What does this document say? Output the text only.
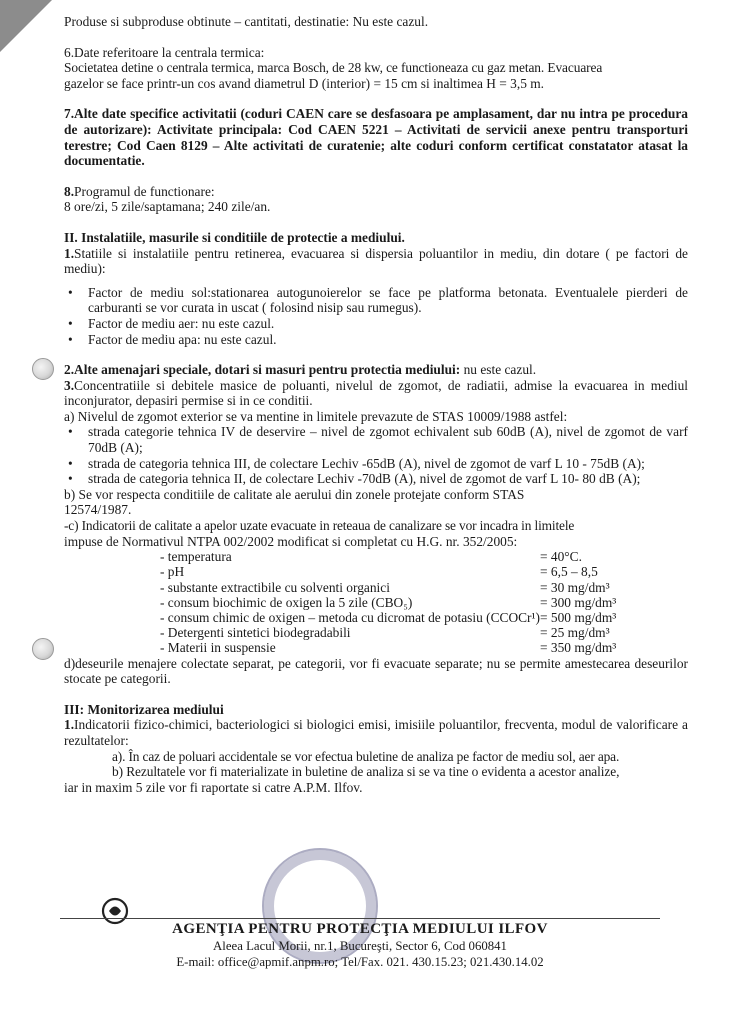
Produse si subproduse obtinute – cantitati, destinatie: Nu este cazul.
6.Date referitoare la centrala termica:
Societatea detine o centrala termica, marca Bosch, de 28 kw, ce functioneaza cu gaz metan. Evacuarea
gazelor se face printr-un cos avand diametrul D (interior) = 15 cm si inaltimea H = 3,5 m.

7.Alte date specifice activitatii (coduri CAEN care se desfasoara pe amplasament, dar nu intra pe procedura de autorizare): Activitate principala: Cod CAEN 5221 – Activitati de servicii anexe pentru transporturi terestre; Cod Caen 8129 – Alte activitati de curatenie; alte coduri conform certificat constatator atasat la documentatie.

8.Programul de functionare:
8 ore/zi, 5 zile/saptamana; 240 zile/an.
II. Instalatiile, masurile si conditiile de protectie a mediului.

1.Statiile si instalatiile pentru retinerea, evacuarea si dispersia poluantilor in mediu, din dotare ( pe factori de mediu):

• Factor de mediu sol:stationarea autogunoierelor se face pe platforma betonata. Eventualele pierderi de carburanti se vor curata in uscat ( folosind nisip sau rumegus).
• Factor de mediu aer: nu este cazul.
• Factor de mediu apa: nu este cazul.

2.Alte amenajari speciale, dotari si masuri pentru protectia mediului: nu este cazul.

3.Concentratiile si debitele masice de poluanti, nivelul de zgomot, de radiatii, admise la evacuarea in mediul inconjurator, depasiri permise si in ce conditii.

a) Nivelul de zgomot exterior se va mentine in limitele prevazute de STAS 10009/1988 astfel:
• strada categorie tehnica IV de deservire – nivel de zgomot echivalent sub 60dB (A), nivel de zgomot de varf 70dB (A);
• strada de categoria tehnica III, de colectare Lechiv -65dB (A), nivel de zgomot de varf L 10 - 75dB (A);
• strada de categoria tehnica II, de colectare Lechiv -70dB (A), nivel de zgomot de varf L 10- 80 dB (A);
b) Se vor respecta conditiile de calitate ale aerului din zonele protejate conform STAS
12574/1987.
-c) Indicatorii de calitate a apelor uzate evacuate in reteaua de canalizare se vor incadra in limitele
impuse de Normativul NTPA 002/2002 modificat si completat cu H.G. nr. 352/2005:
- temperatura	= 40°C.
- pH	= 6,5 – 8,5
- substante extractibile cu solventi organici	= 30 mg/dm³
- consum biochimic de oxigen la 5 zile (CBO₅)	= 300 mg/dm³
- consum chimic de oxigen – metoda cu dicromat de potasiu (CCOCr¹) = 500 mg/dm³
- Detergenti sintetici biodegradabili	= 25 mg/dm³
- Materii in suspensie	= 350 mg/dm³

d)deseurile menajere colectate separat, pe categorii, vor fi evacuate separate; nu se permite amestecarea deseurilor stocate pe categorii.

III: Monitorizarea mediului

1.Indicatorii fizico-chimici, bacteriologici si biologici emisi, imisiile poluantilor, frecventa, modul de valorificare a rezultatelor:

a). În caz de poluari accidentale se vor efectua buletine de analiza pe factor de mediu sol, aer apa.
b) Rezultatele vor fi materializate in buletine de analiza si se va tine o evidenta a acestor analize,
iar in maxim 5 zile vor fi raportate si catre A.P.M. Ilfov.
AGENŢIA PENTRU PROTECŢIA MEDIULUI ILFOV
Aleea Lacul Morii, nr.1, Bucureşti, Sector 6, Cod 060841
E-mail: office@apmif.anpm.ro; Tel/Fax. 021. 430.15.23; 021.430.14.02
